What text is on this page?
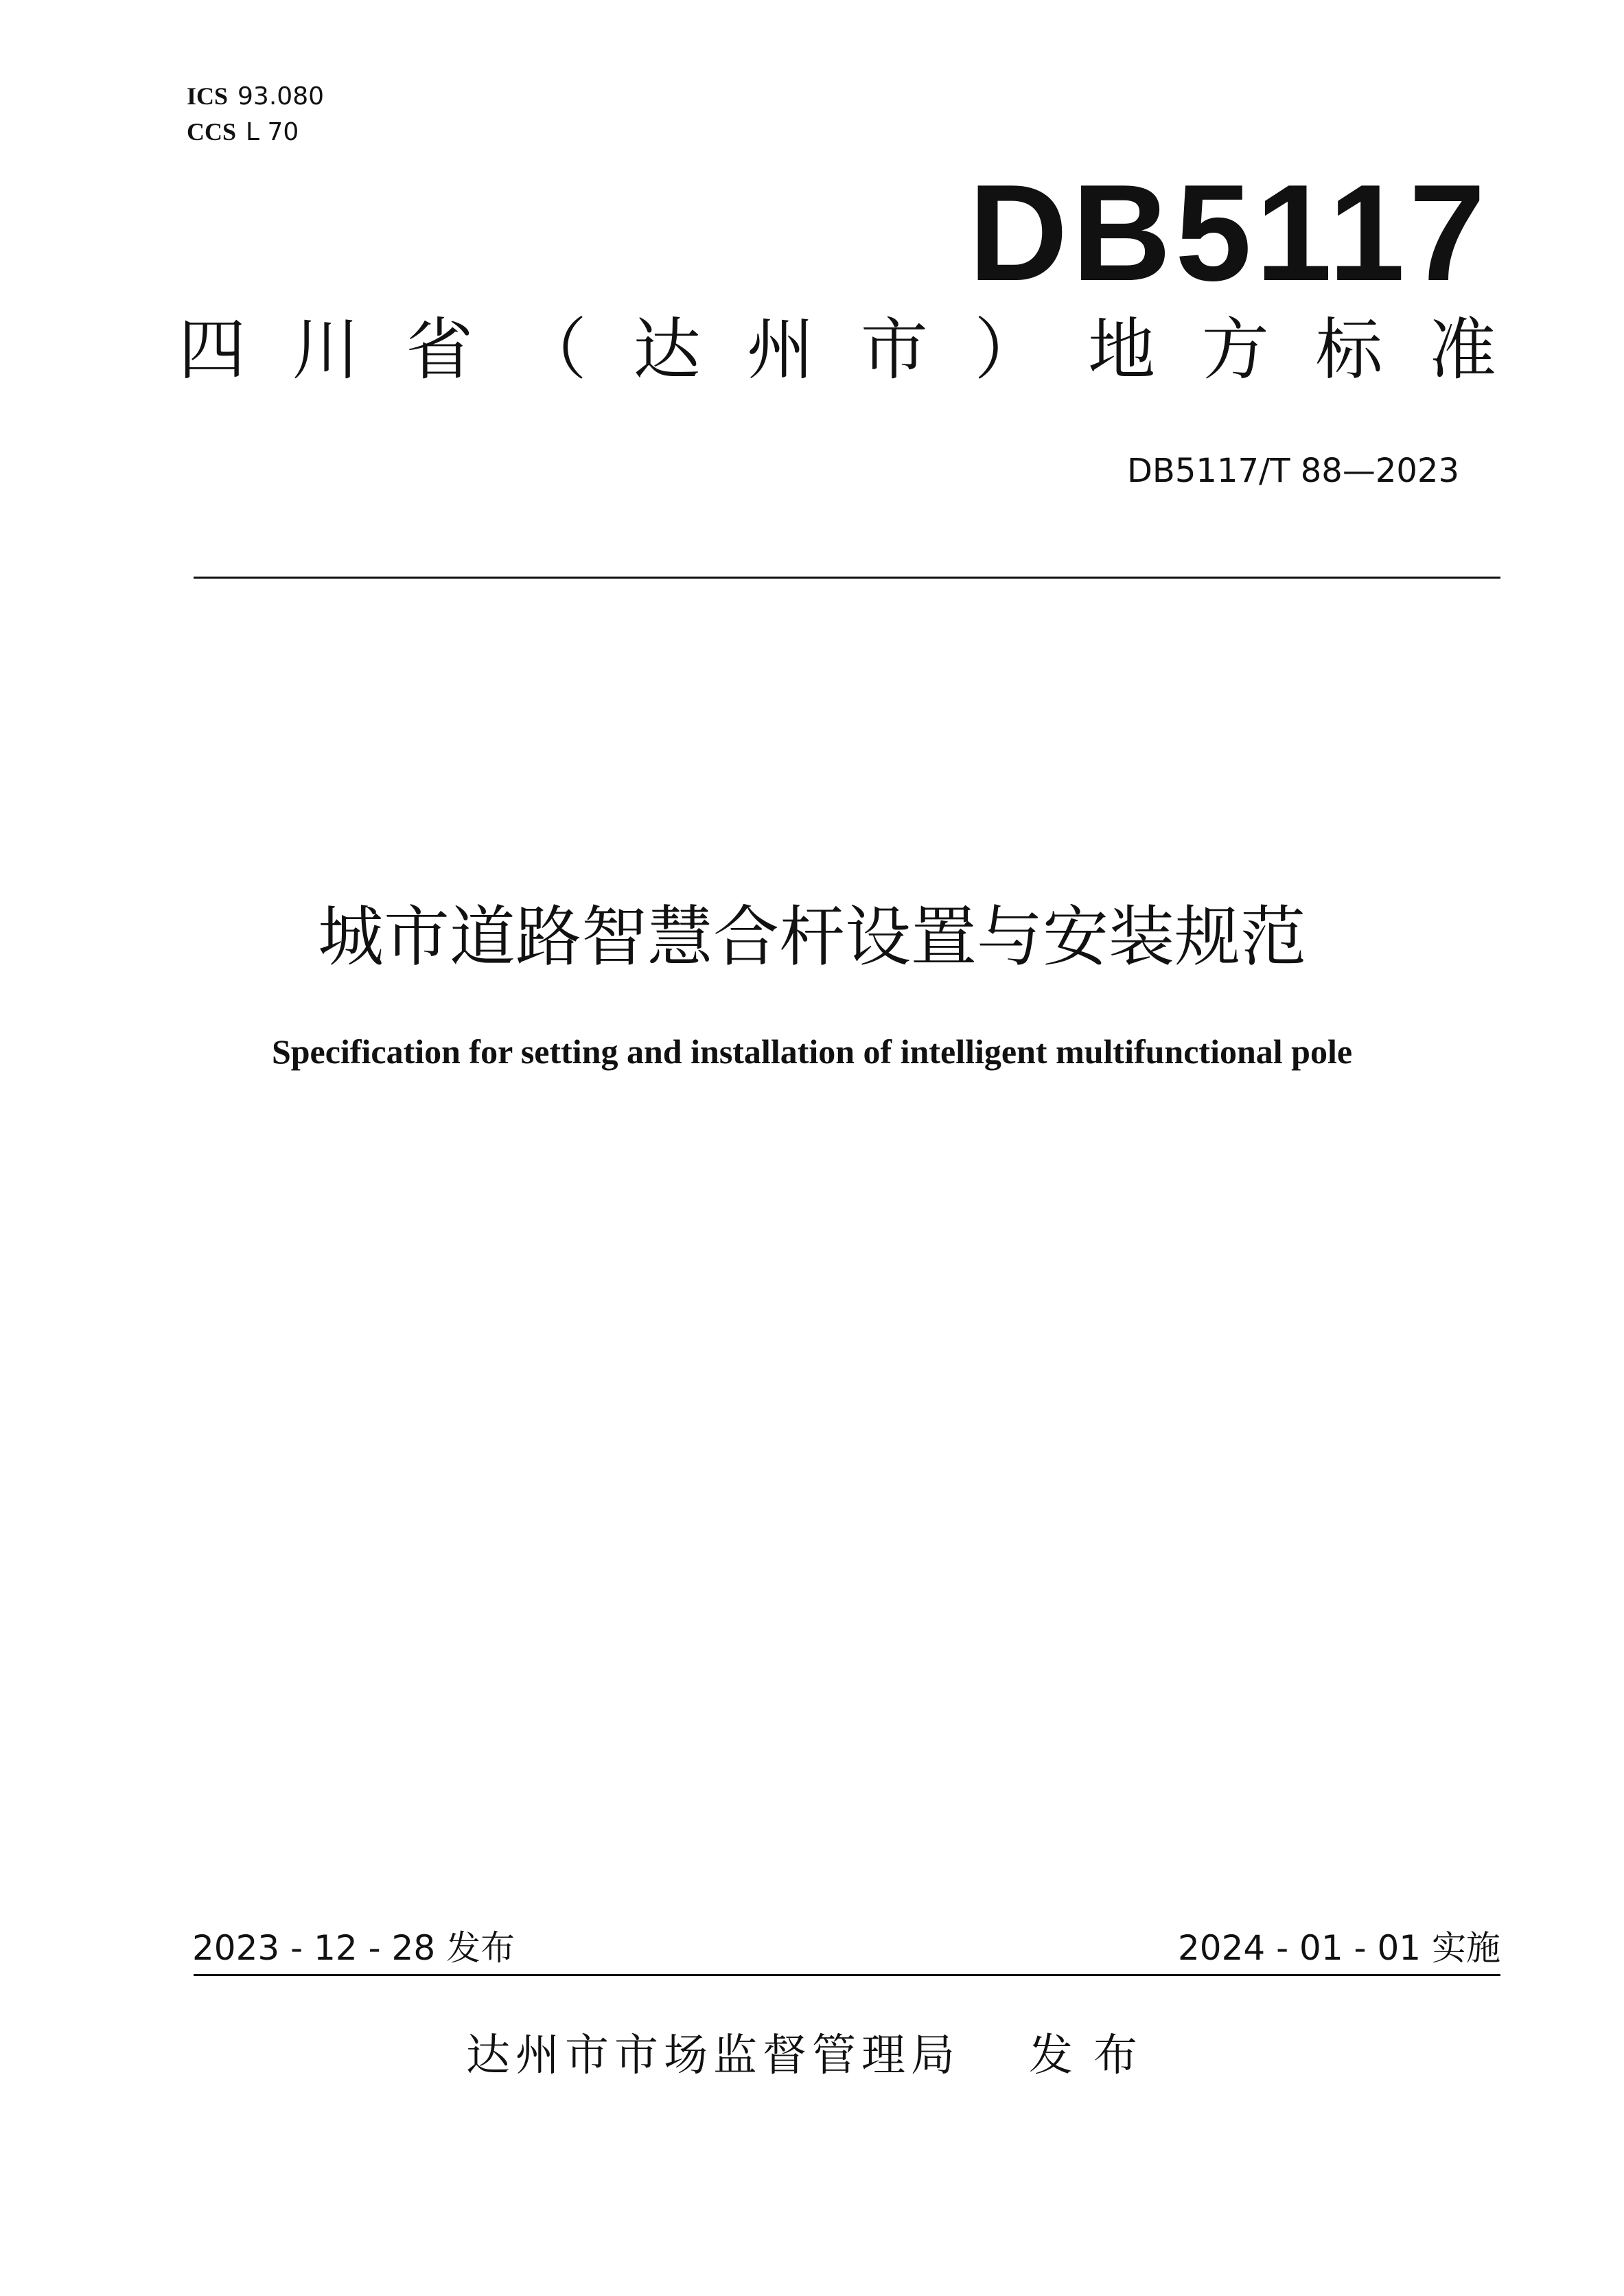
ICS 93.080
CCS L 70
DB5117
四川省（达州市）地方标准
DB5117/T 88—2023
城市道路智慧合杆设置与安装规范
Specification for setting and installation of intelligent multifunctional pole
2023 - 12 - 28 发布	2024 - 01 - 01 实施
达州市市场监督管理局 发布
